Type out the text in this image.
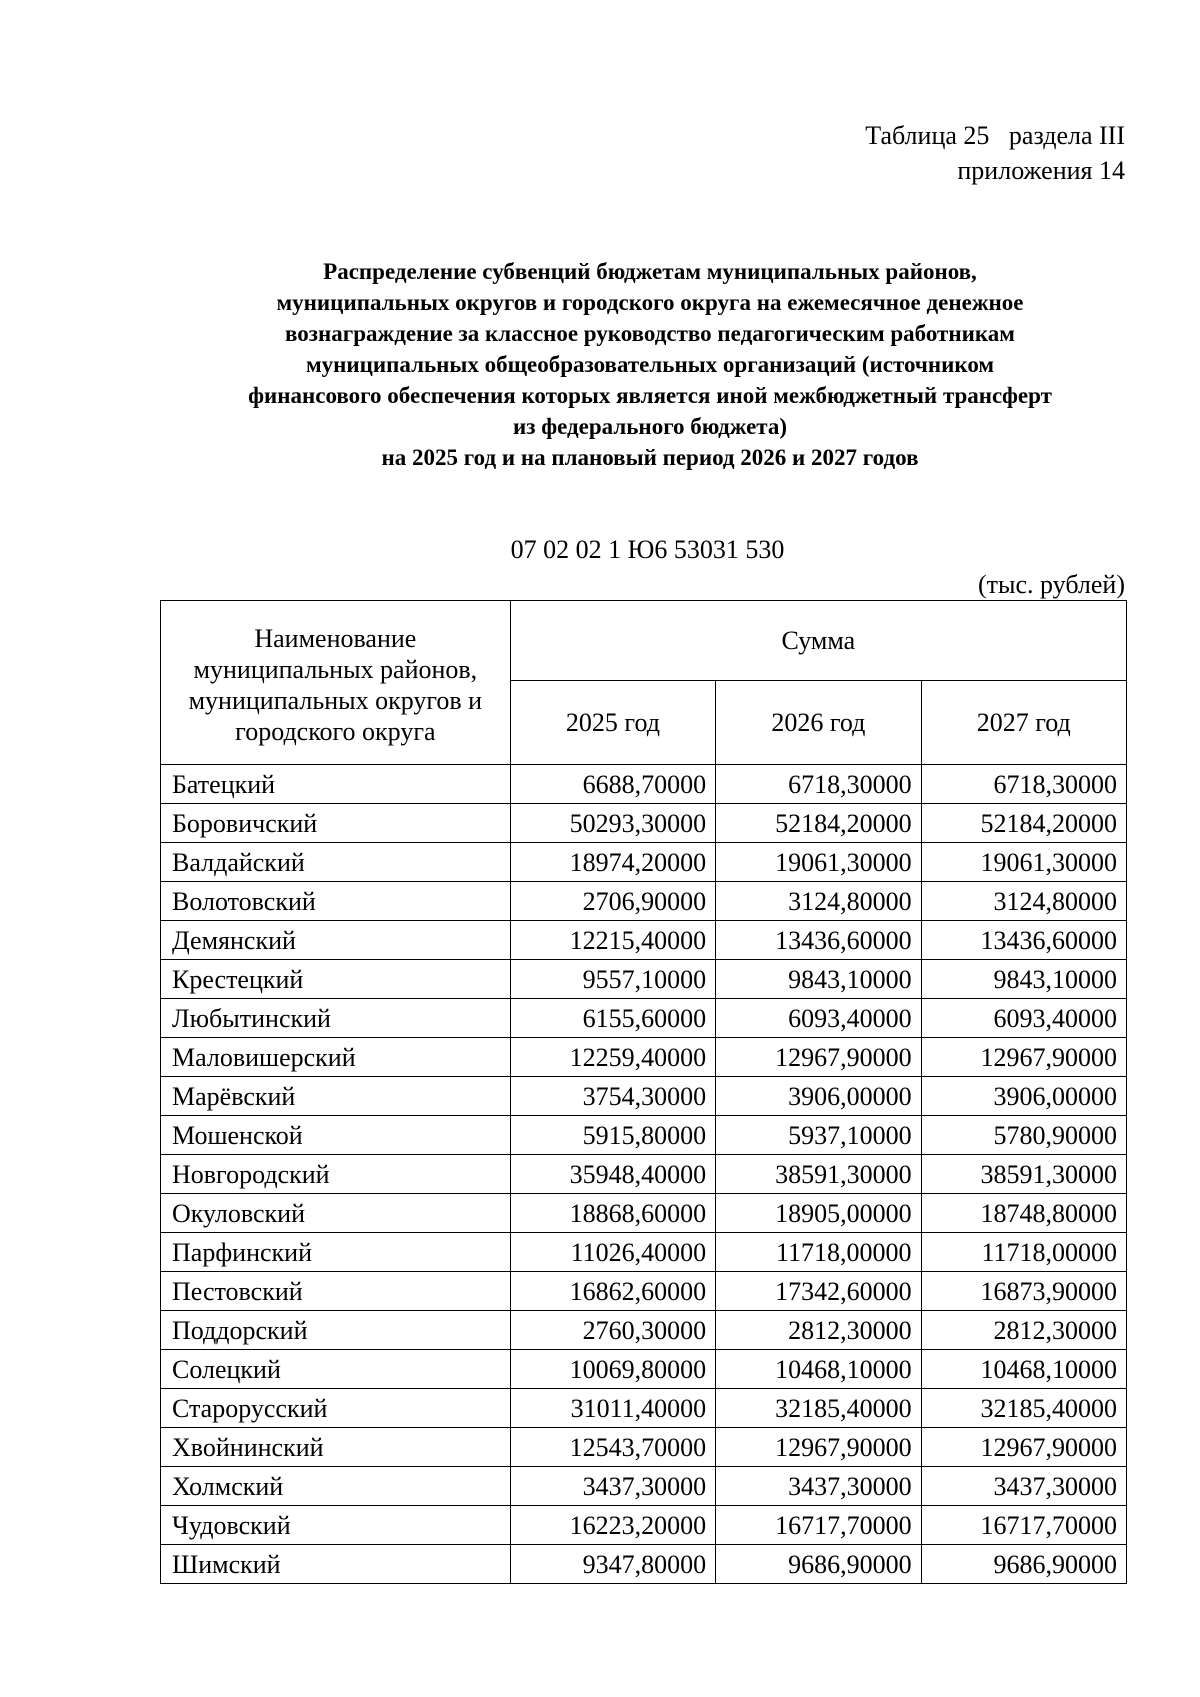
Таблица 25   раздела III
приложения 14
Распределение субвенций бюджетам муниципальных районов,
муниципальных округов и городского округа на ежемесячное денежное
вознаграждение за классное руководство педагогическим работникам
муниципальных общеобразовательных организаций (источником
финансового обеспечения которых является иной межбюджетный трансферт
из федерального бюджета)
на 2025 год и на плановый период 2026 и 2027 годов
07 02 02 1 Ю6 53031 530
(тыс. рублей)
Наименование муниципальных районов, муниципальных округов и городского округа	Сумма		
	2025 год	2026 год	2027 год
Батецкий	6688,70000	6718,30000	6718,30000
Боровичский	50293,30000	52184,20000	52184,20000
Валдайский	18974,20000	19061,30000	19061,30000
Волотовский	2706,90000	3124,80000	3124,80000
Демянский	12215,40000	13436,60000	13436,60000
Крестецкий	9557,10000	9843,10000	9843,10000
Любытинский	6155,60000	6093,40000	6093,40000
Маловишерский	12259,40000	12967,90000	12967,90000
Марёвский	3754,30000	3906,00000	3906,00000
Мошенской	5915,80000	5937,10000	5780,90000
Новгородский	35948,40000	38591,30000	38591,30000
Окуловский	18868,60000	18905,00000	18748,80000
Парфинский	11026,40000	11718,00000	11718,00000
Пестовский	16862,60000	17342,60000	16873,90000
Поддорский	2760,30000	2812,30000	2812,30000
Солецкий	10069,80000	10468,10000	10468,10000
Старорусский	31011,40000	32185,40000	32185,40000
Хвойнинский	12543,70000	12967,90000	12967,90000
Холмский	3437,30000	3437,30000	3437,30000
Чудовский	16223,20000	16717,70000	16717,70000
Шимский	9347,80000	9686,90000	9686,90000
